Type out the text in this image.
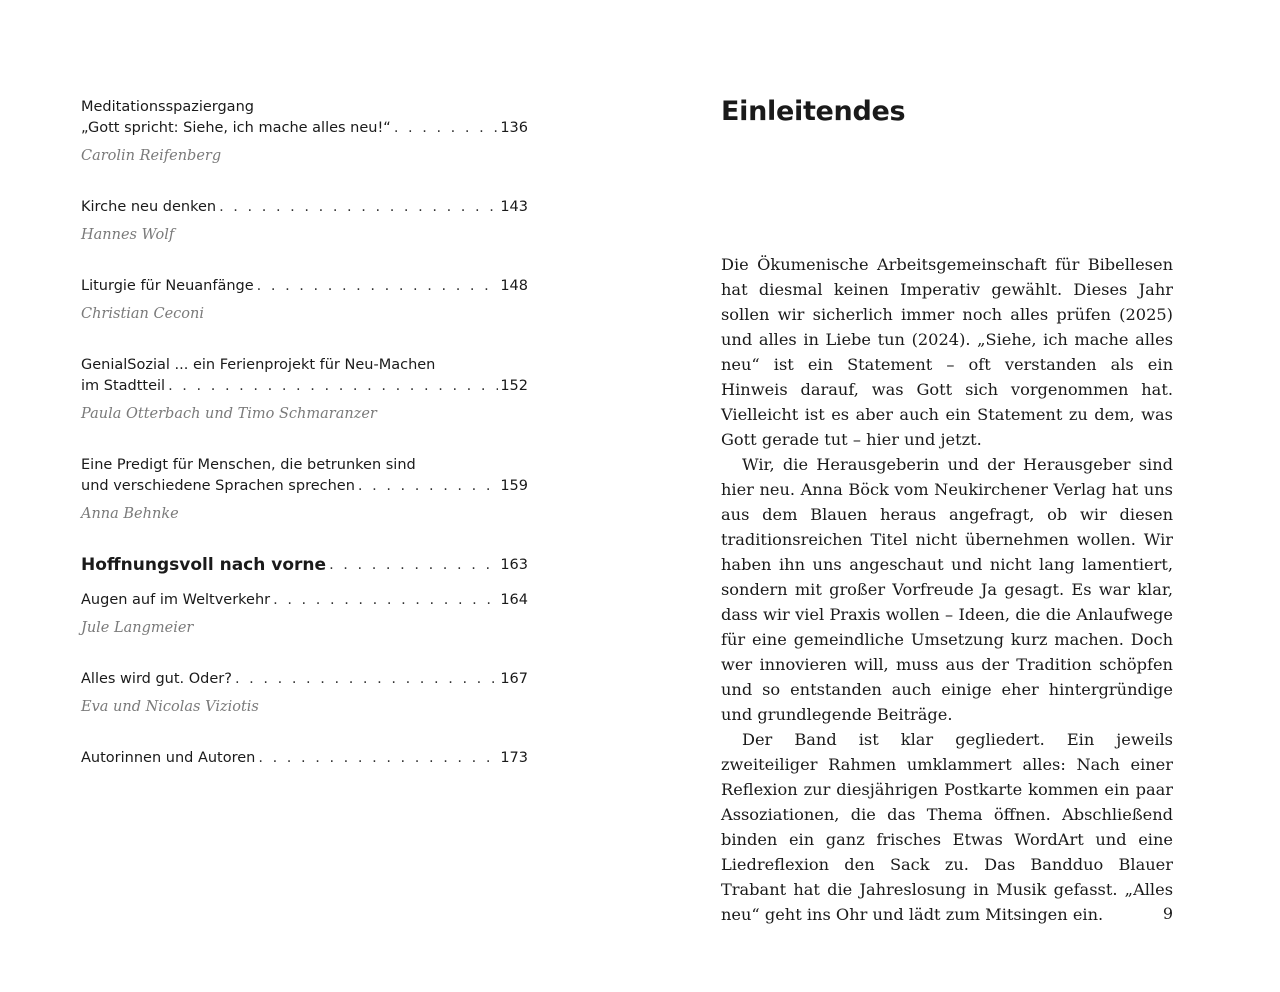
Meditationsspaziergang
„Gott spricht: Siehe, ich mache alles neu!“ . . .	136
Carolin Reifenberg
Kirche neu denken . . .	143
Hannes Wolf
Liturgie für Neuanfänge . . .	148
Christian Ceconi
GenialSozial ... ein Ferienprojekt für Neu-Machen
im Stadtteil . . .	152
Paula Otterbach und Timo Schmaranzer
Eine Predigt für Menschen, die betrunken sind
und verschiedene Sprachen sprechen . . .	159
Anna Behnke
Hoffnungsvoll nach vorne . . .	163
Augen auf im Weltverkehr . . .	164
Jule Langmeier
Alles wird gut. Oder? . . .	167
Eva und Nicolas Viziotis
Autorinnen und Autoren . . .	173
Einleitendes

Die Ökumenische Arbeitsgemeinschaft für Bibellesen hat diesmal keinen Imperativ gewählt. Dieses Jahr sollen wir sicherlich immer noch alles prüfen (2025) und alles in Liebe tun (2024). „Siehe, ich mache alles neu“ ist ein Statement – oft verstanden als ein Hinweis darauf, was Gott sich vorgenommen hat. Vielleicht ist es aber auch ein Statement zu dem, was Gott gerade tut – hier und jetzt.

Wir, die Herausgeberin und der Herausgeber sind hier neu. Anna Böck vom Neukirchener Verlag hat uns aus dem Blauen heraus angefragt, ob wir diesen traditionsreichen Titel nicht übernehmen wollen. Wir haben ihn uns angeschaut und nicht lang lamentiert, sondern mit großer Vorfreude Ja gesagt. Es war klar, dass wir viel Praxis wollen – Ideen, die die Anlaufwege für eine gemeindliche Umsetzung kurz machen. Doch wer innovieren will, muss aus der Tradition schöpfen und so entstanden auch einige eher hintergründige und grundlegende Beiträge.

Der Band ist klar gegliedert. Ein jeweils zweiteiliger Rahmen umklammert alles: Nach einer Reflexion zur diesjährigen Postkarte kommen ein paar Assoziationen, die das Thema öffnen. Abschließend binden ein ganz frisches Etwas WordArt und eine Liedreflexion den Sack zu. Das Bandduo Blauer Trabant hat die Jahreslosung in Musik gefasst. „Alles neu“ geht ins Ohr und lädt zum Mitsingen ein.	9
